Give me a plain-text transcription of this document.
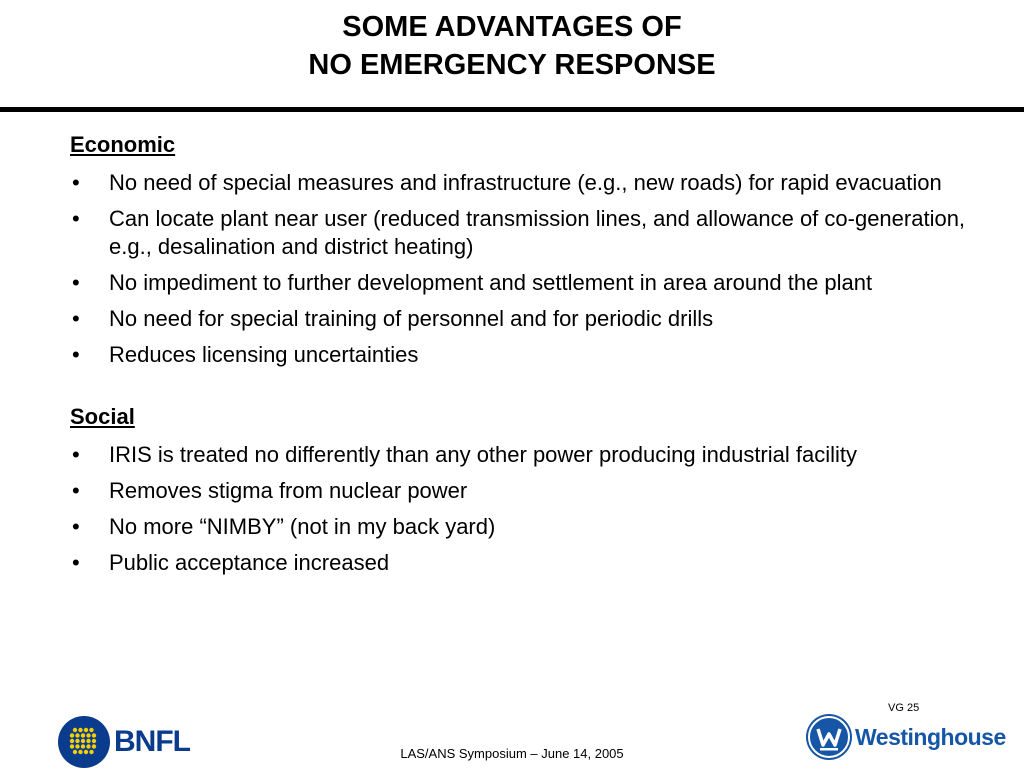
SOME ADVANTAGES OF
NO EMERGENCY RESPONSE

Economic

• No need of special measures and infrastructure (e.g., new roads) for rapid evacuation
• Can locate plant near user (reduced transmission lines, and allowance of co-generation, e.g., desalination and district heating)
• No impediment to further development and settlement in area around the plant
• No need for special training of personnel and for periodic drills
• Reduces licensing uncertainties

Social

• IRIS is treated no differently than any other power producing industrial facility
• Removes stigma from nuclear power
• No more “NIMBY” (not in my back yard)
• Public acceptance increased
VG 25
BNFL	LAS/ANS Symposium – June 14, 2005
Westinghouse
